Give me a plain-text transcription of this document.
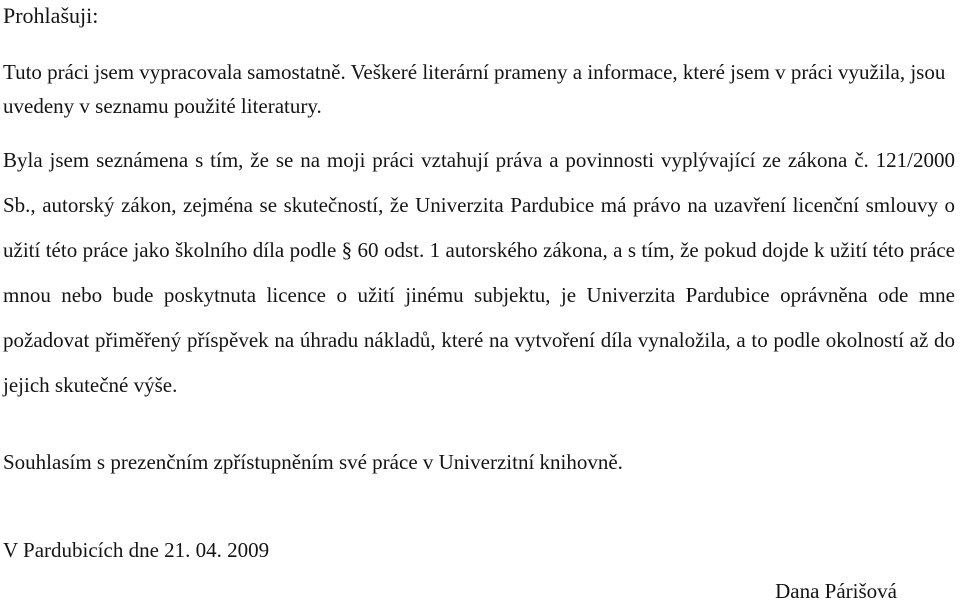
Prohlašuji:

Tuto práci jsem vypracovala samostatně. Veškeré literární prameny a informace, které jsem v práci využila, jsou uvedeny v seznamu použité literatury.

Byla jsem seznámena s tím, že se na moji práci vztahují práva a povinnosti vyplývající ze zákona č. 121/2000 Sb., autorský zákon, zejména se skutečností, že Univerzita Pardubice má právo na uzavření licenční smlouvy o užití této práce jako školního díla podle § 60 odst. 1 autorského zákona, a s tím, že pokud dojde k užití této práce mnou nebo bude poskytnuta licence o užití jinému subjektu, je Univerzita Pardubice oprávněna ode mne požadovat přiměřený příspěvek na úhradu nákladů, které na vytvoření díla vynaložila, a to podle okolností až do jejich skutečné výše.

Souhlasím s prezenčním zpřístupněním své práce v Univerzitní knihovně.

V Pardubicích dne 21. 04. 2009

Dana Párišová
